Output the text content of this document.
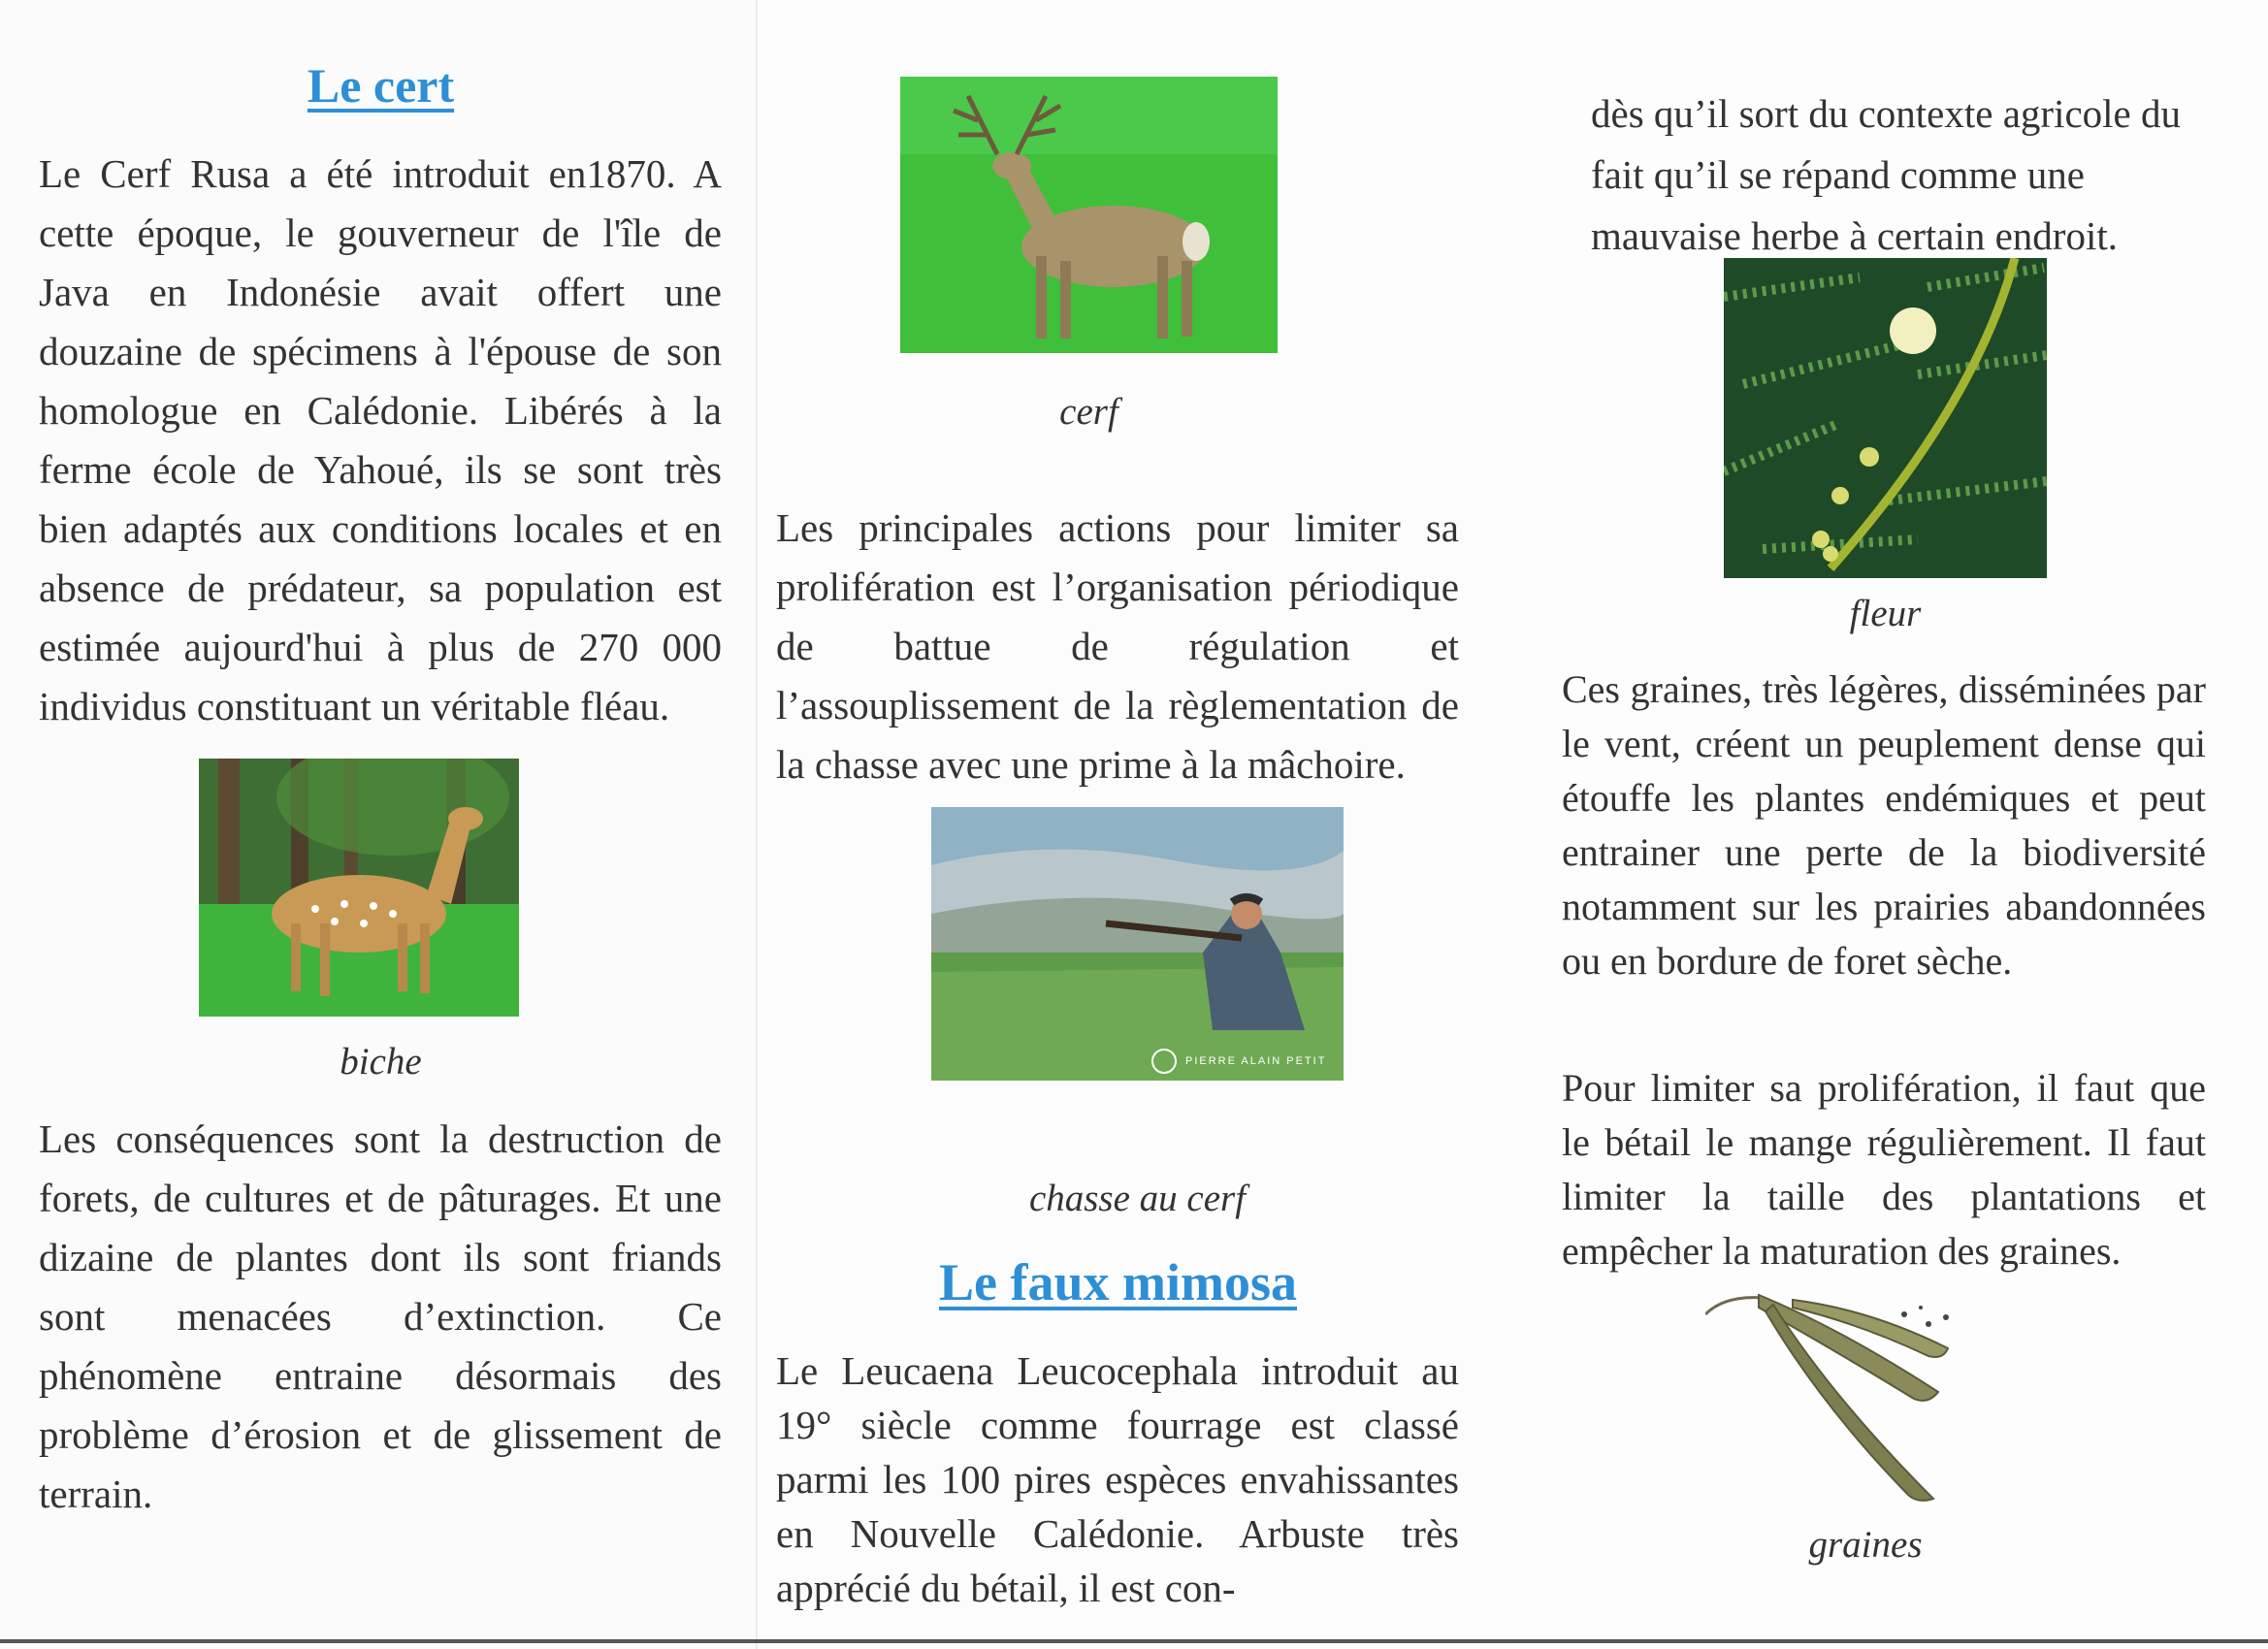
Le cert

Le Cerf Rusa a été introduit en1870. A cette époque, le gouverneur de l'île de Java en Indonésie avait offert une douzaine de spécimens à l'épouse de son homologue en Calédonie. Libérés à la ferme école de Yahoué, ils se sont très bien adaptés aux conditions locales et en absence de prédateur, sa population est estimée aujourd'hui à plus de 270 000 individus constituant un véritable fléau.

biche

Les conséquences sont la destruction de forets, de cultures et de pâturages. Et une dizaine de plantes dont ils sont friands sont menacées d’extinction. Ce phénomène entraine désormais des problème d’érosion et de glissement de terrain.

cerf

Les principales actions pour limiter sa prolifération est l’organisation périodique de battue de régulation et l’assouplissement de la règlementation de la chasse avec une prime à la mâchoire.

PIERRE ALAIN PETIT

chasse au cerf

Le faux mimosa

Le Leucaena Leucocephala introduit au 19° siècle comme fourrage est classé parmi les 100 pires espèces envahissantes en Nouvelle Calédonie. Arbuste très apprécié du bétail, il est con-

dès qu’il sort du contexte agricole du fait qu’il se répand comme une mauvaise herbe à certain endroit.

fleur

Ces graines, très légères, disséminées par le vent, créent un peuplement dense qui étouffe les plantes endémiques et peut entrainer une perte de la biodiversité notamment sur les prairies abandonnées ou en bordure de foret sèche.

Pour limiter sa prolifération, il faut que le bétail le mange régulièrement. Il faut limiter la taille des plantations et empêcher la maturation des graines.

graines
